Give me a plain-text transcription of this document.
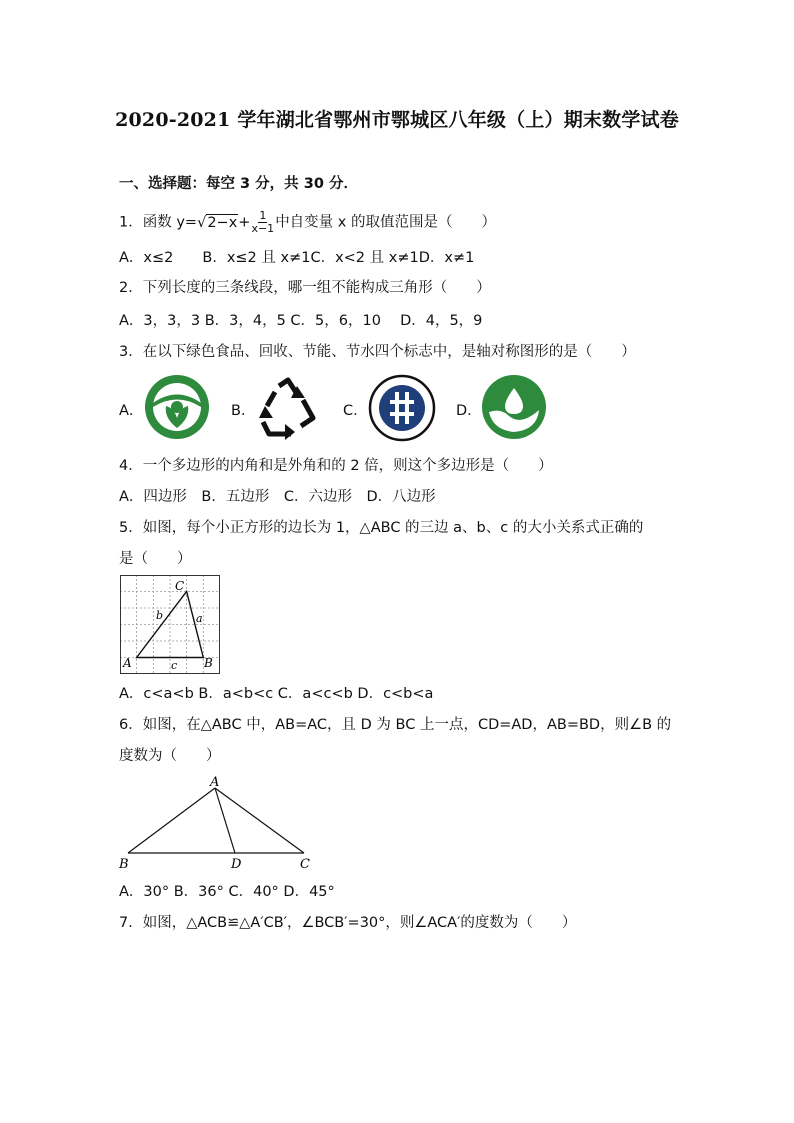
2020-2021 学年湖北省鄂州市鄂城区八年级（上）期末数学试卷
一、选择题：每空 3 分，共 30 分．
1．函数 $y=√2-x+ \frac{1}{x-1}$ 中自变量 x 的取值范围是（　　）
A．x≤2　　B．x≤2 且 x≠1C．x<2 且 x≠1D．x≠1
2．下列长度的三条线段，哪一组不能构成三角形（　　）
A．3，3，3 B．3，4，5 C．5，6，10　 D．4，5，9
3．在以下绿色食品、回收、节能、节水四个标志中，是轴对称图形的是（　　）
A．	B．	C．	D．
4．一个多边形的内角和是外角和的 2 倍，则这个多边形是（　　）
A．四边形　B．五边形　C．六边形　D．八边形
5．如图，每个小正方形的边长为 1，△ABC 的三边 a、b、c 的大小关系式正确的
是（　　）
C
A	B
b	a
c
A．c<a<b B．a<b<c C．a<c<b D．c<b<a
6．如图，在△ABC 中，AB=AC，且 D 为 BC 上一点，CD=AD，AB=BD，则∠B 的
度数为（　　）
A
B	D	C
A．30° B．36° C．40° D．45°
7．如图，△ACB≌△A′CB′，∠BCB′=30°，则∠ACA′的度数为（　　）
